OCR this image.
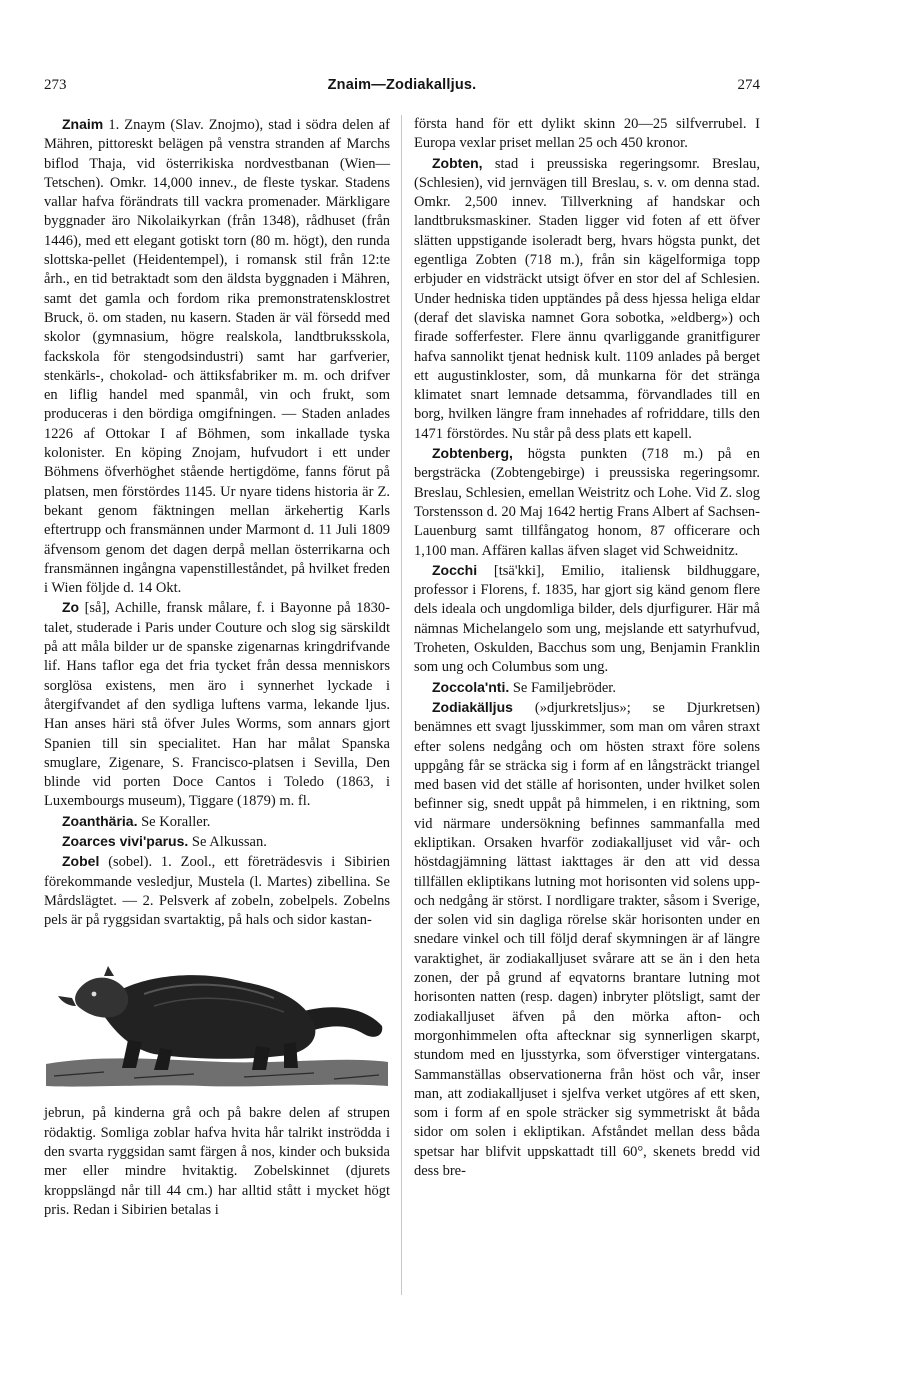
273	Znaim—Zodiakalljus.	274

Znaim 1. Znaym (Slav. Znojmo), stad i södra delen af Mähren, pittoreskt belägen på venstra stranden af Marchs biflod Thaja, vid österrikiska nordvestbanan (Wien—Tetschen). Omkr. 14,000 innev., de fleste tyskar. Stadens vallar hafva förändrats till vackra promenader. Märkligare byggnader äro Nikolaikyrkan (från 1348), rådhuset (från 1446), med ett elegant gotiskt torn (80 m. högt), den runda slottska-pellet (Heidentempel), i romansk stil från 12:te årh., en tid betraktadt som den äldsta byggnaden i Mähren, samt det gamla och fordom rika premonstratensklostret Bruck, ö. om staden, nu kasern. Staden är väl försedd med skolor (gymnasium, högre realskola, landtbruksskola, fackskola för stengodsindustri) samt har garfverier, stenkärls-, chokolad- och ättiksfabriker m. m. och drifver en liflig handel med spanmål, vin och frukt, som produceras i den bördiga omgifningen. — Staden anlades 1226 af Ottokar I af Böhmen, som inkallade tyska kolonister. En köping Znojam, hufvudort i ett under Böhmens öfverhöghet stående hertigdöme, fanns förut på platsen, men förstördes 1145. Ur nyare tidens historia är Z. bekant genom fäktningen mellan ärkehertig Karls eftertrupp och fransmännen under Marmont d. 11 Juli 1809 äfvensom genom det dagen derpå mellan österrikarna och fransmännen ingångna vapenstilleståndet, på hvilket freden i Wien följde d. 14 Okt.

Zo [så], Achille, fransk målare, f. i Bayonne på 1830-talet, studerade i Paris under Couture och slog sig särskildt på att måla bilder ur de spanske zigenarnas kringdrifvande lif. Hans taflor ega det fria tycket från dessa menniskors sorglösa existens, men äro i synnerhet lyckade i återgifvandet af den sydliga luftens varma, lekande ljus. Han anses häri stå öfver Jules Worms, som annars gjort Spanien till sin specialitet. Han har målat Spanska smuglare, Zigenare, S. Francisco-platsen i Sevilla, Den blinde vid porten Doce Cantos i Toledo (1863, i Luxembourgs museum), Tiggare (1879) m. fl.

Zoanthäria. Se Koraller.

Zoarces vivi'parus. Se Alkussan.

Zobel (sobel). 1. Zool., ett företrädesvis i Sibirien förekommande vesledjur, Mustela (l. Martes) zibellina. Se Mårdslägtet. — 2. Pelsverk af zobeln, zobelpels. Zobelns pels är på ryggsidan svartaktig, på hals och sidor kastan-

jebrun, på kinderna grå och på bakre delen af strupen rödaktig. Somliga zoblar hafva hvita hår talrikt inströdda i den svarta ryggsidan samt färgen å nos, kinder och buksida mer eller mindre hvitaktig. Zobelskinnet (djurets kroppslängd når till 44 cm.) har alltid stått i mycket högt pris. Redan i Sibirien betalas i

första hand för ett dylikt skinn 20—25 silfverrubel. I Europa vexlar priset mellan 25 och 450 kronor.

Zobten, stad i preussiska regeringsomr. Breslau, (Schlesien), vid jernvägen till Breslau, s. v. om denna stad. Omkr. 2,500 innev. Tillverkning af handskar och landtbruksmaskiner. Staden ligger vid foten af ett öfver slätten uppstigande isoleradt berg, hvars högsta punkt, det egentliga Zobten (718 m.), från sin kägelformiga topp erbjuder en vidsträckt utsigt öfver en stor del af Schlesien. Under hedniska tiden upptändes på dess hjessa heliga eldar (deraf det slaviska namnet Gora sobotka, »eldberg») och firade sofferfester. Flere ännu qvarliggande granitfigurer hafva sannolikt tjenat hednisk kult. 1109 anlades på berget ett augustinkloster, som, då munkarna för det stränga klimatet snart lemnade detsamma, förvandlades till en borg, hvilken längre fram innehades af rofriddare, tills den 1471 förstördes. Nu står på dess plats ett kapell.

Zobtenberg, högsta punkten (718 m.) på en bergsträcka (Zobtengebirge) i preussiska regeringsomr. Breslau, Schlesien, emellan Weistritz och Lohe. Vid Z. slog Torstensson d. 20 Maj 1642 hertig Frans Albert af Sachsen-Lauenburg samt tillfångatog honom, 87 officerare och 1,100 man. Affären kallas äfven slaget vid Schweidnitz.

Zocchi [tsä'kki], Emilio, italiensk bildhuggare, professor i Florens, f. 1835, har gjort sig känd genom flere dels ideala och ungdomliga bilder, dels djurfigurer. Här må nämnas Michelangelo som ung, mejslande ett satyrhufvud, Troheten, Oskulden, Bacchus som ung, Benjamin Franklin som ung och Columbus som ung.

Zoccola'nti. Se Familjebröder.

Zodiakälljus (»djurkretsljus»; se Djurkretsen) benämnes ett svagt ljusskimmer, som man om våren straxt efter solens nedgång och om hösten straxt före solens uppgång får se sträcka sig i form af en långsträckt triangel med basen vid det ställe af horisonten, under hvilket solen befinner sig, snedt uppåt på himmelen, i en riktning, som vid närmare undersökning befinnes sammanfalla med ekliptikan. Orsaken hvarför zodiakalljuset vid vår- och höstdagjämning lättast iakttages är den att vid dessa tillfällen ekliptikans lutning mot horisonten vid solens upp- och nedgång är störst. I nordligare trakter, såsom i Sverige, der solen vid sin dagliga rörelse skär horisonten under en snedare vinkel och till följd deraf skymningen är af längre varaktighet, är zodiakalljuset svårare att se än i den heta zonen, der på grund af eqvatorns brantare lutning mot horisonten natten (resp. dagen) inbryter plötsligt, samt der zodiakalljuset äfven på den mörka afton- och morgonhimmelen ofta aftecknar sig synnerligen skarpt, stundom med en ljusstyrka, som öfverstiger vintergatans. Sammanställas observationerna från höst och vår, inser man, att zodiakalljuset i sjelfva verket utgöres af ett sken, som i form af en spole sträcker sig symmetriskt åt båda sidor om solen i ekliptikan. Afståndet mellan dess båda spetsar har blifvit uppskattadt till 60°, skenets bredd vid dess bre-
